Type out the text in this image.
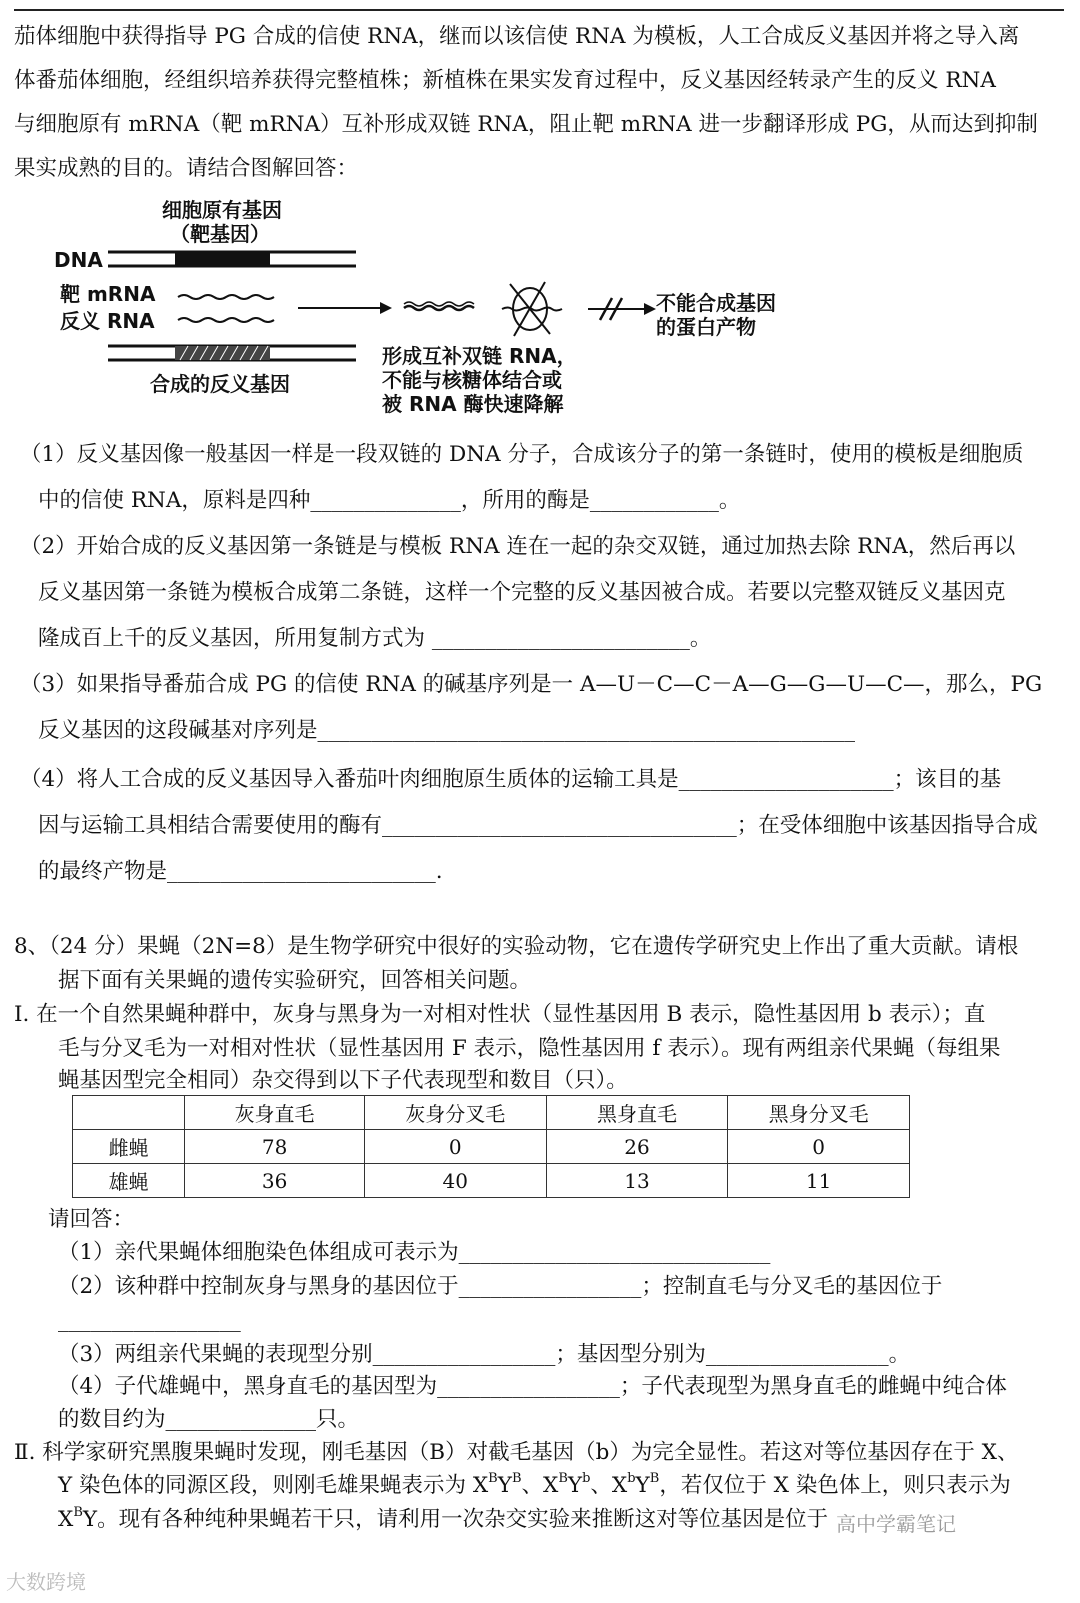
茄体细胞中获得指导 PG 合成的信使 RNA，继而以该信使 RNA 为模板，人工合成反义基因并将之导入离
体番茄体细胞，经组织培养获得完整植株；新植株在果实发育过程中，反义基因经转录产生的反义 RNA
与细胞原有 mRNA（靶 mRNA）互补形成双链 RNA，阻止靶 mRNA 进一步翻译形成 PG，从而达到抑制
果实成熟的目的。请结合图解回答：
细胞原有基因
（靶基因）
DNA
靶 mRNA
反义 RNA
合成的反义基因
形成互补双链 RNA，
不能与核糖体结合或
被 RNA 酶快速降解
不能合成基因
的蛋白产物
（1）反义基因像一般基因一样是一段双链的 DNA 分子，合成该分子的第一条链时，使用的模板是细胞质
中的信使 RNA，原料是四种______________，所用的酶是____________。
（2）开始合成的反义基因第一条链是与模板 RNA 连在一起的杂交双链，通过加热去除 RNA，然后再以
反义基因第一条链为模板合成第二条链，这样一个完整的反义基因被合成。若要以完整双链反义基因克
隆成百上千的反义基因，所用复制方式为 ________________________。
（3）如果指导番茄合成 PG 的信使 RNA 的碱基序列是一 A—U－C—C－A—G—G—U—C—，那么，PG
反义基因的这段碱基对序列是__________________________________________________
（4）将人工合成的反义基因导入番茄叶肉细胞原生质体的运输工具是____________________；该目的基
因与运输工具相结合需要使用的酶有_________________________________；在受体细胞中该基因指导合成
的最终产物是_________________________.
8、（24 分）果蝇（2N=8）是生物学研究中很好的实验动物，它在遗传学研究史上作出了重大贡献。请根
据下面有关果蝇的遗传实验研究，回答相关问题。
Ⅰ. 在一个自然果蝇种群中，灰身与黑身为一对相对性状（显性基因用 B 表示，隐性基因用 b 表示）；直
毛与分叉毛为一对相对性状（显性基因用 F 表示，隐性基因用 f 表示）。现有两组亲代果蝇（每组果
蝇基因型完全相同）杂交得到以下子代表现型和数目（只）。
	灰身直毛	灰身分叉毛	黑身直毛	黑身分叉毛
雌蝇	78	0	26	0
雄蝇	36	40	13	11
请回答：
（1）亲代果蝇体细胞染色体组成可表示为_____________________________
（2）该种群中控制灰身与黑身的基因位于_________________；控制直毛与分叉毛的基因位于
_________________
（3）两组亲代果蝇的表现型分别_________________；基因型分别为_________________。
（4）子代雄蝇中，黑身直毛的基因型为_________________；子代表现型为黑身直毛的雌蝇中纯合体
的数目约为______________只。
Ⅱ. 科学家研究黑腹果蝇时发现，刚毛基因（B）对截毛基因（b）为完全显性。若这对等位基因存在于 X、
Y 染色体的同源区段，则刚毛雄果蝇表示为 $X^BY^B$、$X^BY^b$、$X^bY^B$，若仅位于 X 染色体上，则只表示为
$X^BY$。现有各种纯种果蝇若干只，请利用一次杂交实验来推断这对等位基因是位于
大数跨境
高中学霸笔记
